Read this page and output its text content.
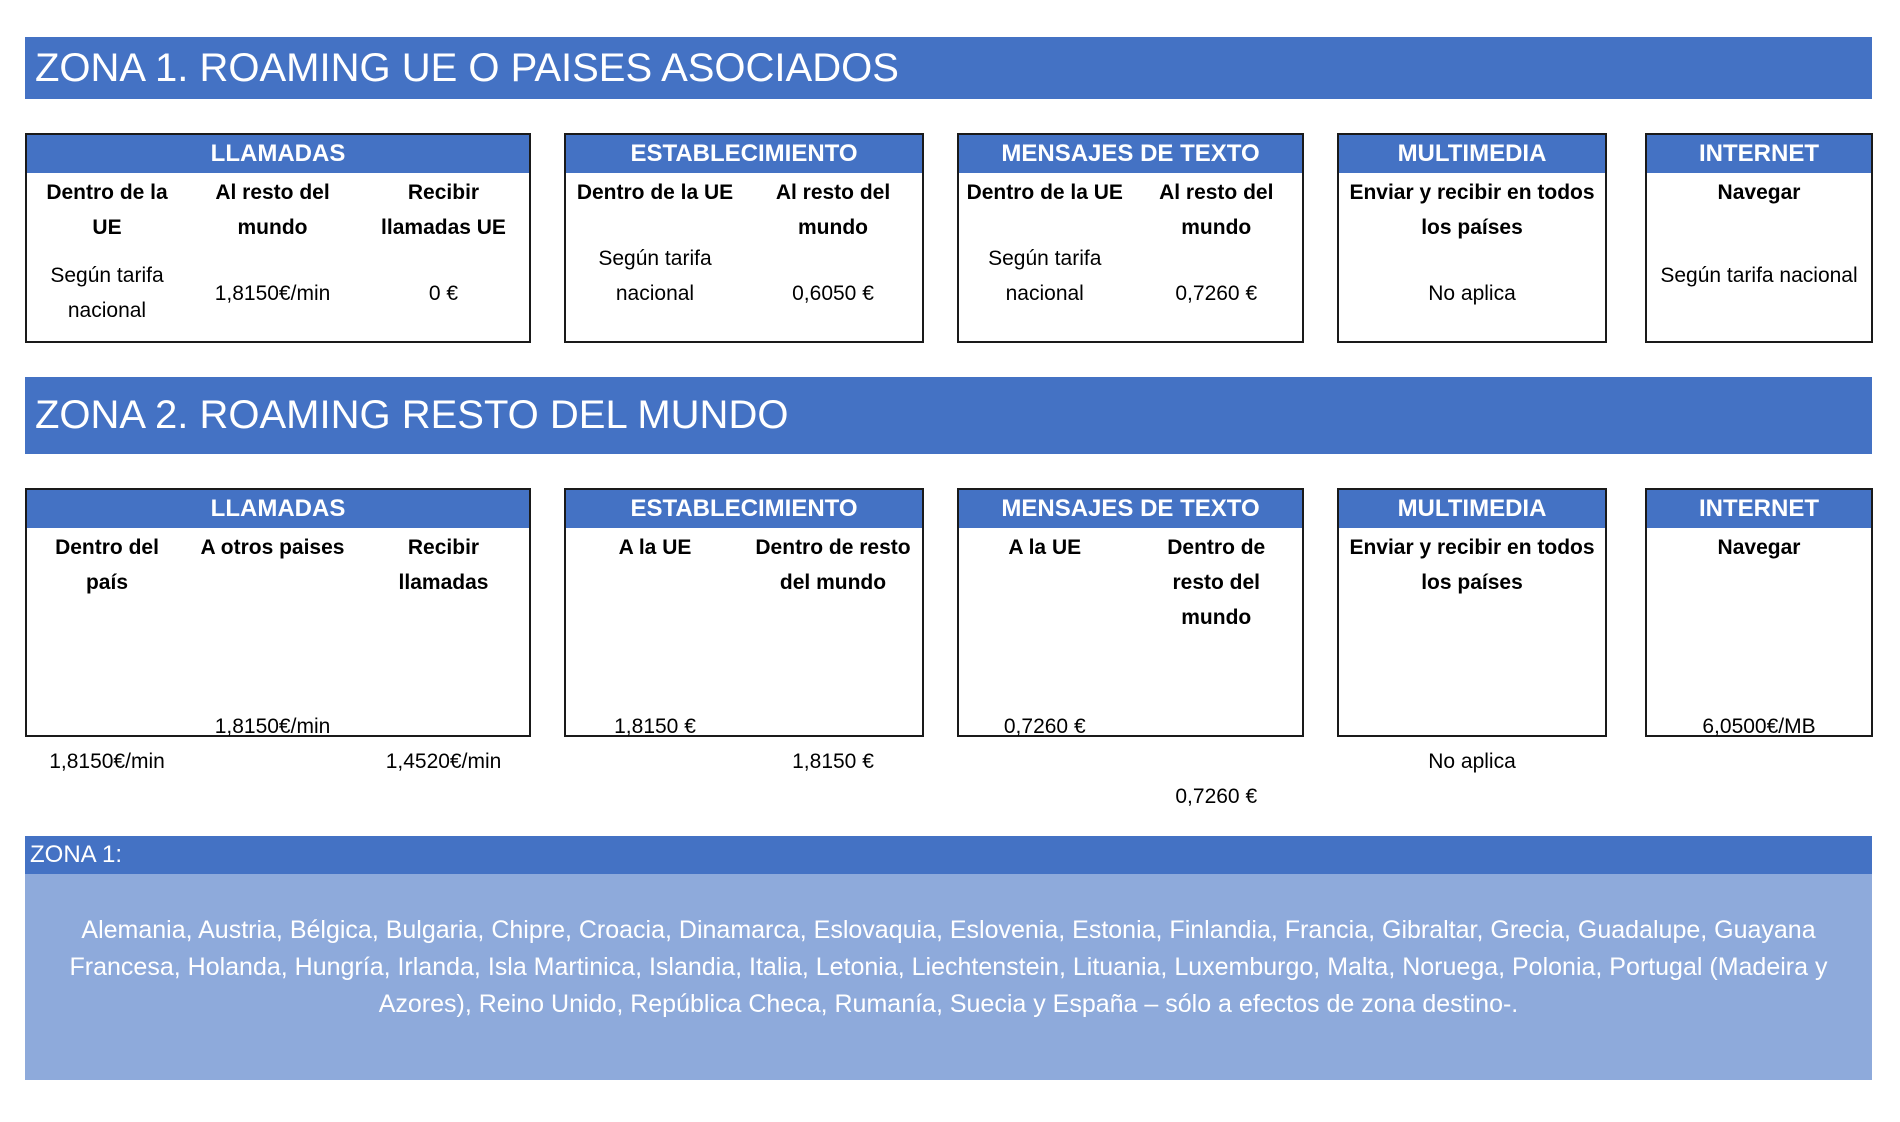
ZONA 1. ROAMING UE O PAISES ASOCIADOS
LLAMADAS
Dentro de la UE
Según tarifa nacional
Al resto del mundo
1,8150€/min
Recibir llamadas UE
0 €
ESTABLECIMIENTO
Dentro de la UE
Según tarifa nacional
Al resto del mundo
0,6050 €
MENSAJES DE TEXTO
Dentro de la UE
Según tarifa nacional
Al resto del mundo
0,7260 €
MULTIMEDIA
Enviar y recibir en todos los países
No aplica
INTERNET
Navegar
Según tarifa nacional
ZONA 2. ROAMING RESTO DEL MUNDO
LLAMADAS
Dentro del país
1,8150€/min
A otros paises
1,8150€/min
Recibir llamadas
1,4520€/min
ESTABLECIMIENTO
A la UE
1,8150 €
Dentro de resto del mundo
1,8150 €
MENSAJES DE TEXTO
A la UE
0,7260 €
Dentro de resto del mundo
0,7260 €
MULTIMEDIA
Enviar y recibir en todos los países
No aplica
INTERNET
Navegar
6,0500€/MB
ZONA 1:
Alemania, Austria, Bélgica, Bulgaria, Chipre, Croacia, Dinamarca, Eslovaquia, Eslovenia, Estonia, Finlandia, Francia, Gibraltar, Grecia, Guadalupe, Guayana Francesa, Holanda, Hungría, Irlanda, Isla Martinica, Islandia, Italia, Letonia, Liechtenstein, Lituania, Luxemburgo, Malta, Noruega, Polonia, Portugal (Madeira y Azores), Reino Unido, República Checa, Rumanía, Suecia y España – sólo a efectos de zona destino-.
